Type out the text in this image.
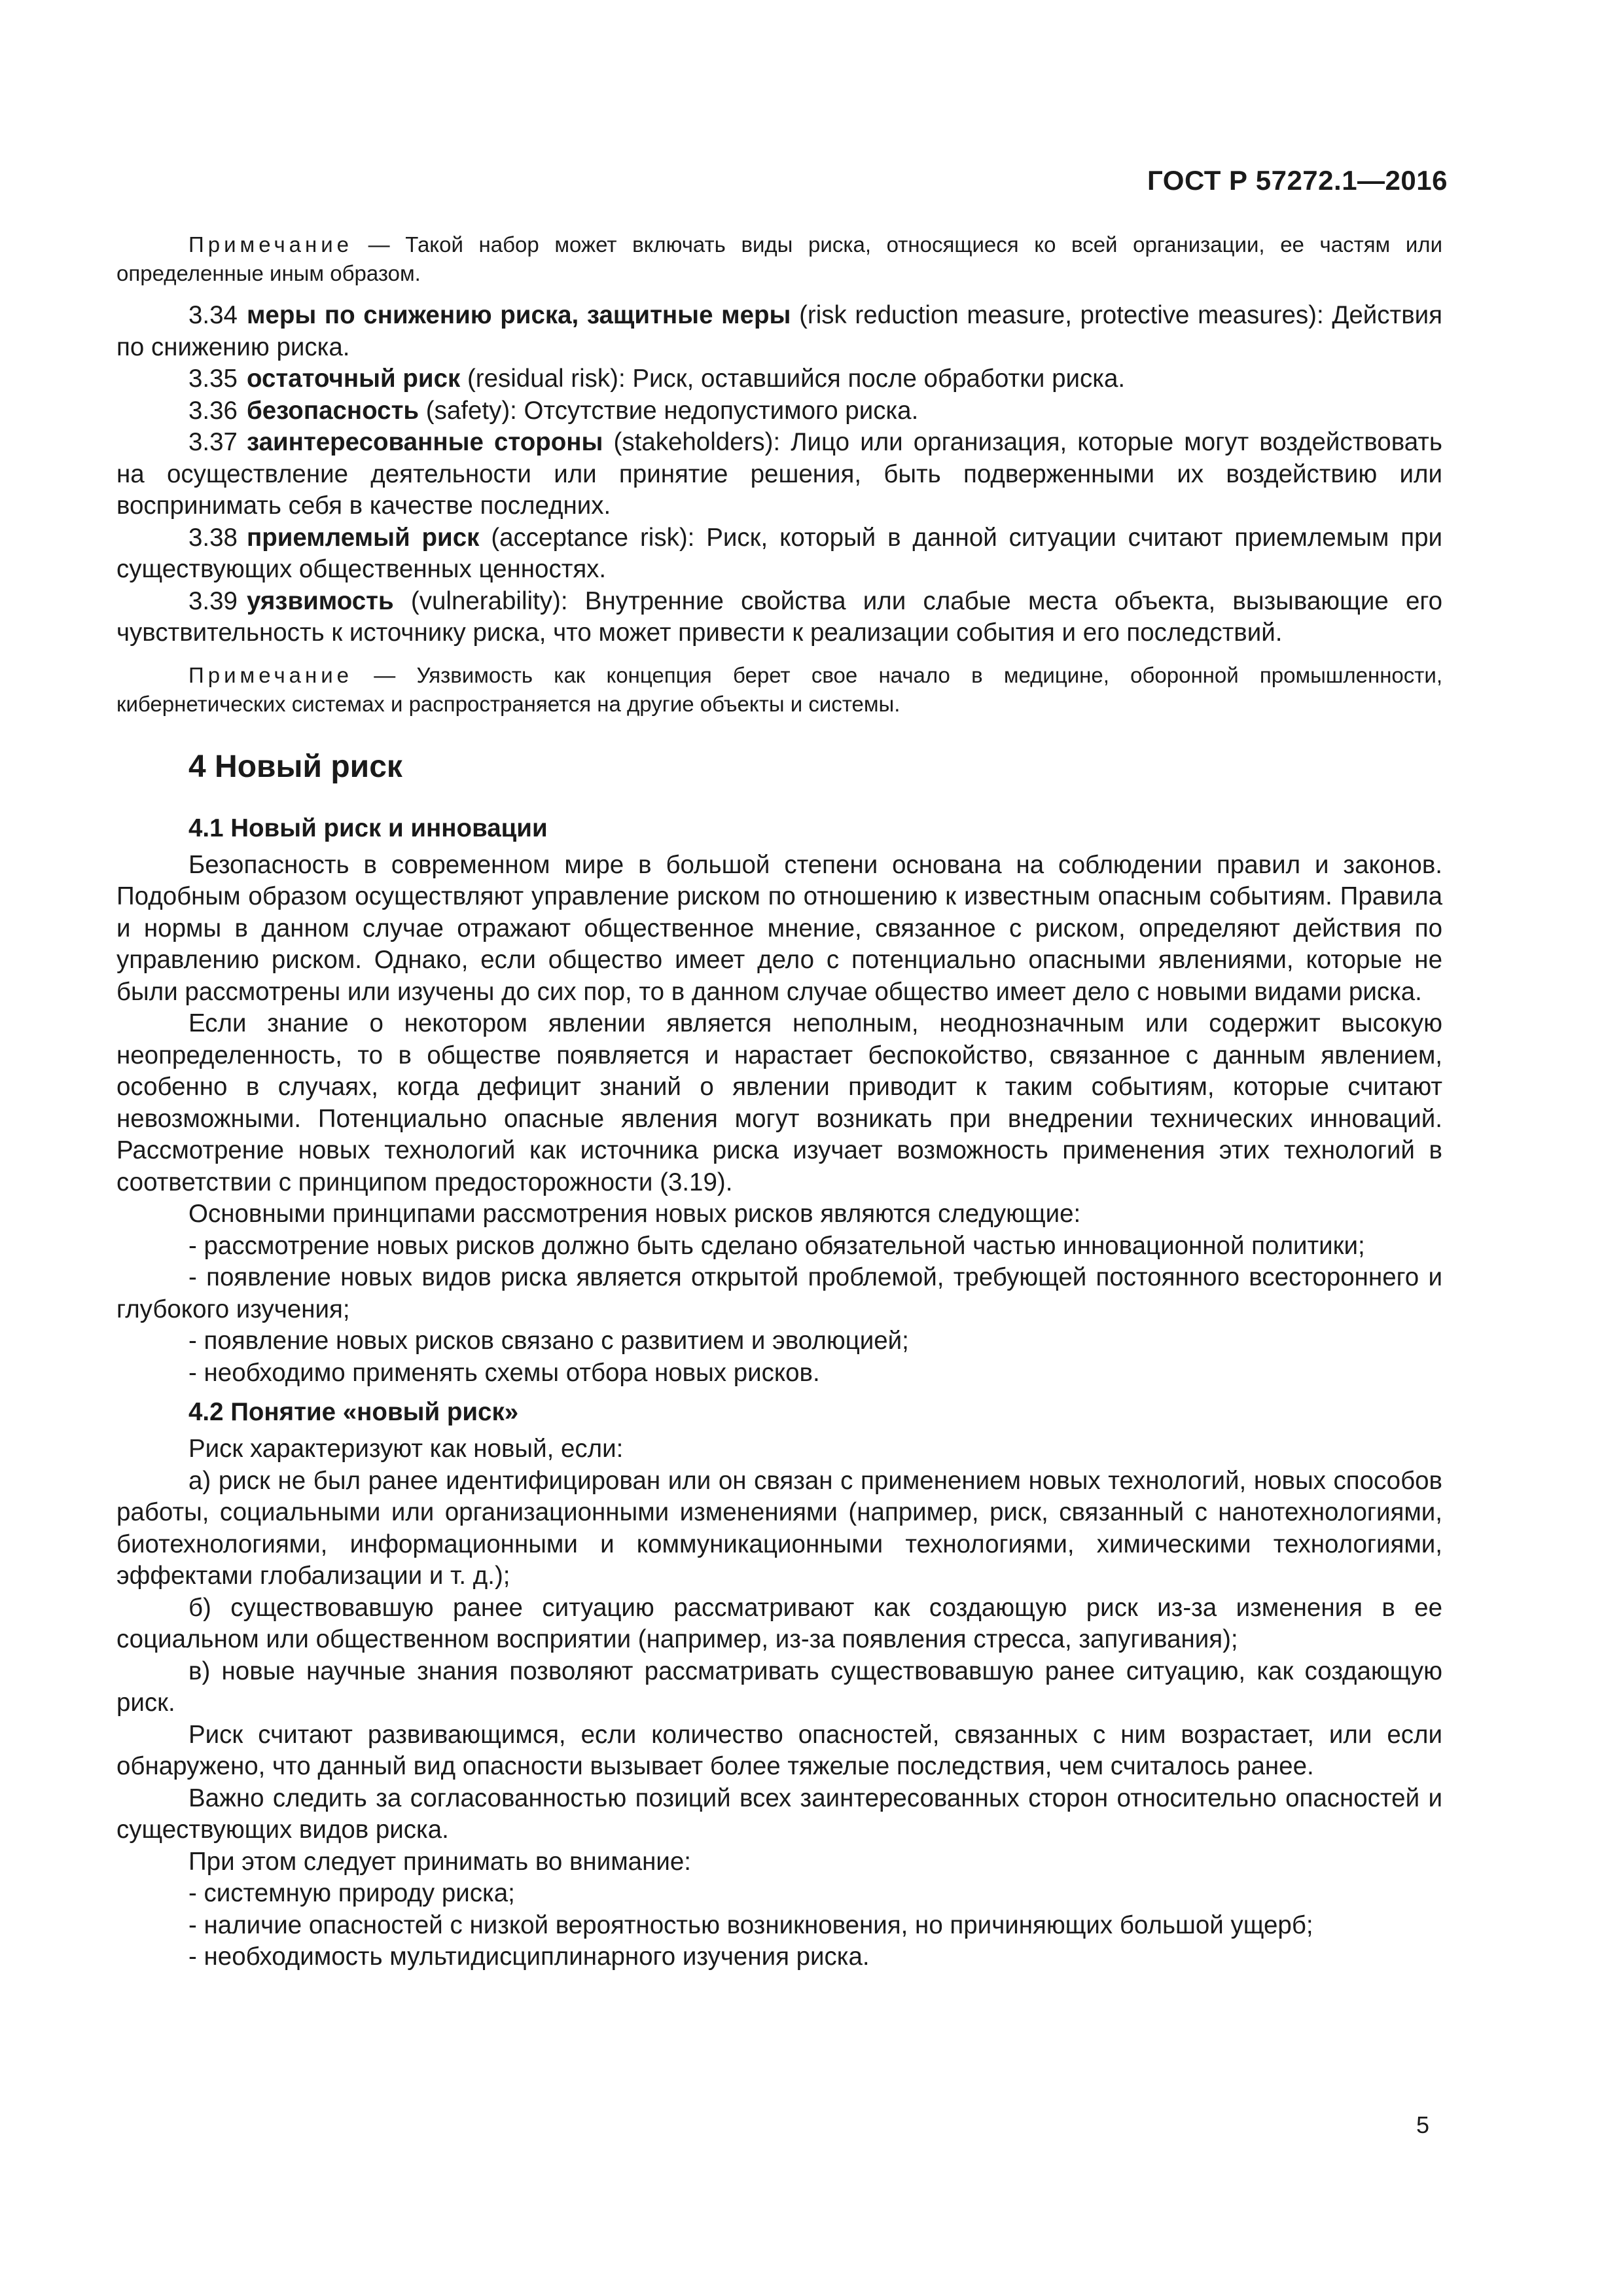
ГОСТ Р 57272.1—2016

Примечание — Такой набор может включать виды риска, относящиеся ко всей организации, ее частям или определенные иным образом.

3.34 меры по снижению риска, защитные меры (risk reduction measure, protective measures): Действия по снижению риска.

3.35 остаточный риск (residual risk): Риск, оставшийся после обработки риска.

3.36 безопасность (safety): Отсутствие недопустимого риска.

3.37 заинтересованные стороны (stakeholders): Лицо или организация, которые могут воздействовать на осуществление деятельности или принятие решения, быть подверженными их воздействию или воспринимать себя в качестве последних.

3.38 приемлемый риск (acceptance risk): Риск, который в данной ситуации считают приемлемым при существующих общественных ценностях.

3.39 уязвимость (vulnerability): Внутренние свойства или слабые места объекта, вызывающие его чувствительность к источнику риска, что может привести к реализации события и его последствий.

Примечание — Уязвимость как концепция берет свое начало в медицине, оборонной промышленности, кибернетических системах и распространяется на другие объекты и системы.

4 Новый риск
4.1 Новый риск и инновации

Безопасность в современном мире в большой степени основана на соблюдении правил и законов. Подобным образом осуществляют управление риском по отношению к известным опасным событиям. Правила и нормы в данном случае отражают общественное мнение, связанное с риском, определяют действия по управлению риском. Однако, если общество имеет дело с потенциально опасными явлениями, которые не были рассмотрены или изучены до сих пор, то в данном случае общество имеет дело с новыми видами риска.

Если знание о некотором явлении является неполным, неоднозначным или содержит высокую неопределенность, то в обществе появляется и нарастает беспокойство, связанное с данным явлением, особенно в случаях, когда дефицит знаний о явлении приводит к таким событиям, которые считают невозможными. Потенциально опасные явления могут возникать при внедрении технических инноваций. Рассмотрение новых технологий как источника риска изучает возможность применения этих технологий в соответствии с принципом предосторожности (3.19).

Основными принципами рассмотрения новых рисков являются следующие:

- рассмотрение новых рисков должно быть сделано обязательной частью инновационной политики;

- появление новых видов риска является открытой проблемой, требующей постоянного всестороннего и глубокого изучения;

- появление новых рисков связано с развитием и эволюцией;

- необходимо применять схемы отбора новых рисков.

4.2 Понятие «новый риск»

Риск характеризуют как новый, если:

а) риск не был ранее идентифицирован или он связан с применением новых технологий, новых способов работы, социальными или организационными изменениями (например, риск, связанный с нанотехнологиями, биотехнологиями, информационными и коммуникационными технологиями, химическими технологиями, эффектами глобализации и т. д.);

б) существовавшую ранее ситуацию рассматривают как создающую риск из-за изменения в ее социальном или общественном восприятии (например, из-за появления стресса, запугивания);

в) новые научные знания позволяют рассматривать существовавшую ранее ситуацию, как создающую риск.

Риск считают развивающимся, если количество опасностей, связанных с ним возрастает, или если обнаружено, что данный вид опасности вызывает более тяжелые последствия, чем считалось ранее.

Важно следить за согласованностью позиций всех заинтересованных сторон относительно опасностей и существующих видов риска.

При этом следует принимать во внимание:

- системную природу риска;

- наличие опасностей с низкой вероятностью возникновения, но причиняющих большой ущерб;

- необходимость мультидисциплинарного изучения риска.

5
